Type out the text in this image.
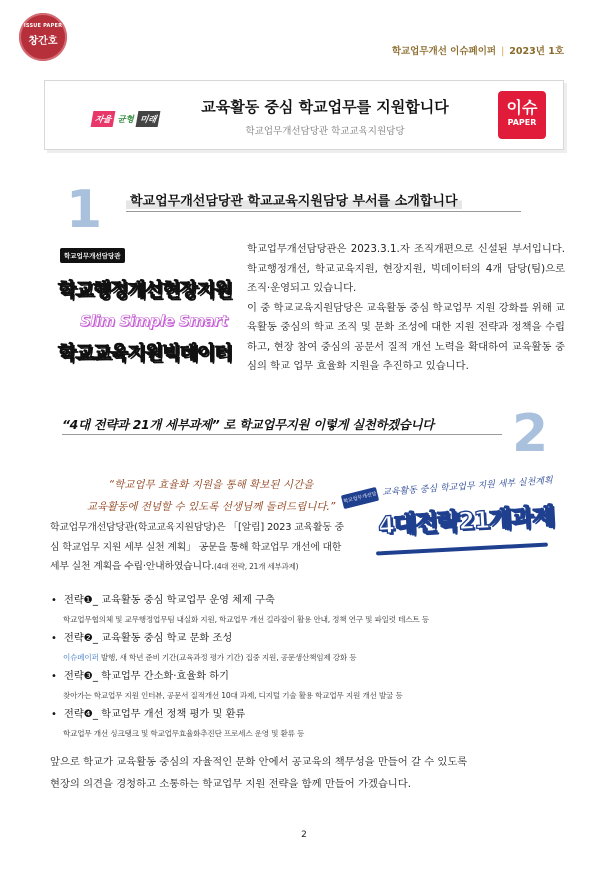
ISSUE PAPER
창간호
학교업무개선 이슈페이퍼 | 2023년 1호
자율 균형 미래
교육활동 중심 학교업무를 지원합니다
학교업무개선담당관 학교교육지원담당
이슈
PAPER
1	학교업무개선담당관 학교교육지원담당 부서를 소개합니다
학교업무개선담당관
학교행정개선현장지원
Slim Simple Smart
학교교육지원빅데이터
학교업무개선담당관은 2023.3.1.자 조직개편으로 신설된 부서입니다. 학교행정개선, 학교교육지원, 현장지원, 빅데이터의 4개 담당(팀)으로 조직·운영되고 있습니다.
이 중 학교교육지원담당은 교육활동 중심 학교업무 지원 강화를 위해 교육활동 중심의 학교 조직 및 문화 조성에 대한 지원 전략과 정책을 수립하고, 현장 참여 중심의 공문서 질적 개선 노력을 확대하여 교육활동 중심의 학교 업무 효율화 지원을 추진하고 있습니다.
“4대 전략과 21개 세부과제” 로 학교업무지원 이렇게 실천하겠습니다 2
“학교업무 효율화 지원을 통해 확보된 시간을
교육활동에 전념할 수 있도록 선생님께 돌려드립니다.”
학교업무개선담당관
교육활동 중심 학교업무 지원 세부 실천계획
4대전략21개과제
학교업무개선담당관(학교교육지원담당)은 「[알림] 2023 교육활동 중심 학교업무 지원 세부 실천 계획」 공문을 통해 학교업무 개선에 대한 세부 실천 계획을 수립·안내하였습니다.(4대 전략, 21개 세부과제)
• 전략❶_ 교육활동 중심 학교업무 운영 체제 구축
학교업무협의체 및 교무행정업무팀 내실화 지원, 학교업무 개선 길라잡이 활용 안내, 정책 연구 및 파일럿 테스트 등
• 전략❷_ 교육활동 중심 학교 문화 조성
이슈페이퍼 발행, 새 학년 준비 기간(교육과정 평가 기간) 집중 지원, 공문생산책임제 강화 등
• 전략❸_ 학교업무 간소화·효율화 하기
찾아가는 학교업무 지원 인터뷰, 공문서 질적개선 10대 과제, 디지털 기술 활용 학교업무 지원 개선 발굴 등
• 전략❹_ 학교업무 개선 정책 평가 및 환류
학교업무 개선 싱크탱크 및 학교업무효율화추진단 프로세스 운영 및 환류 등
앞으로 학교가 교육활동 중심의 자율적인 문화 안에서 공교육의 책무성을 만들어 갈 수 있도록
현장의 의견을 경청하고 소통하는 학교업무 지원 전략을 함께 만들어 가겠습니다.
2
